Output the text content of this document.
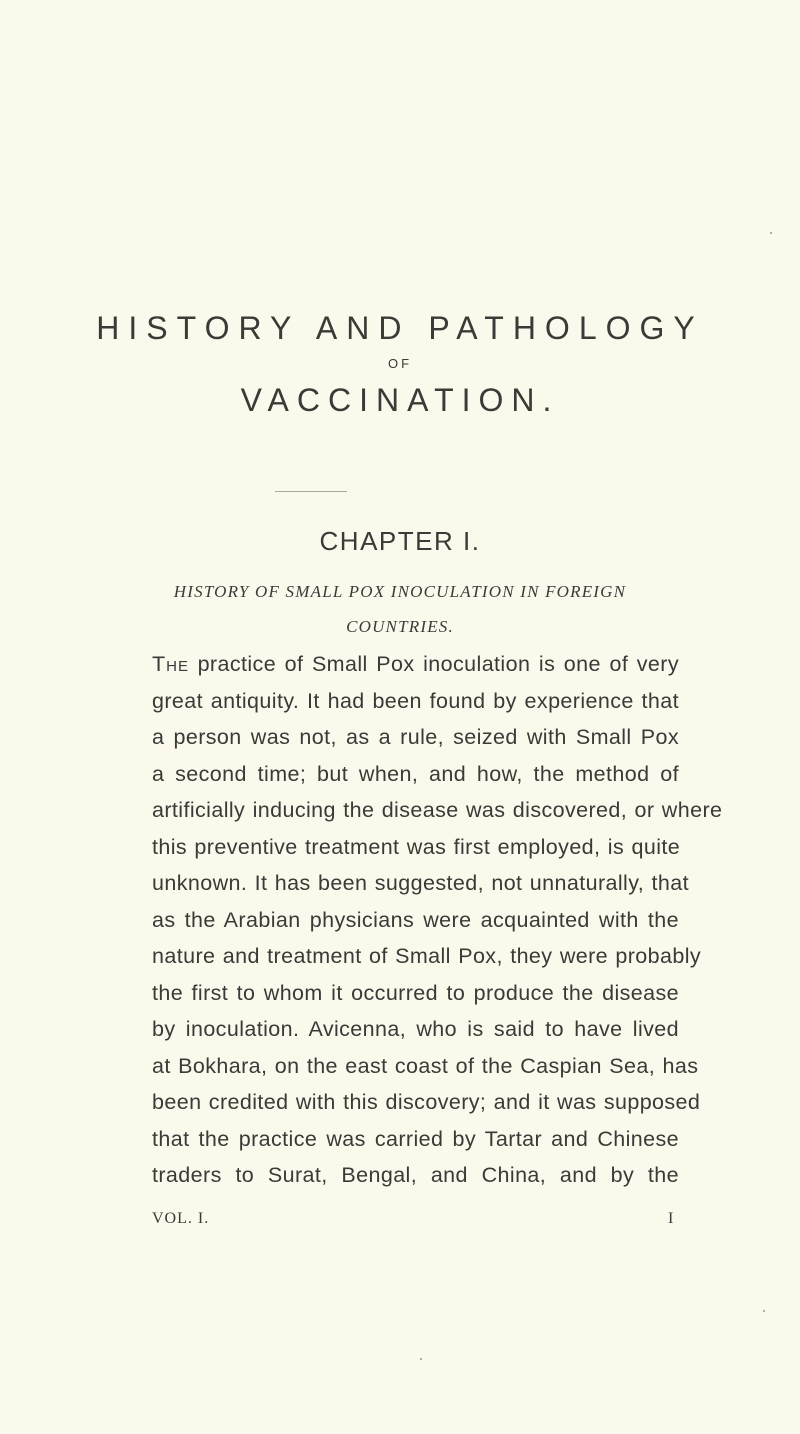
HISTORY AND PATHOLOGY
OF
VACCINATION.
CHAPTER I.
HISTORY OF SMALL POX INOCULATION IN FOREIGN
COUNTRIES.
The practice of Small Pox inoculation is one of very
great antiquity. It had been found by experience that
a person was not, as a rule, seized with Small Pox
a second time; but when, and how, the method of
artificially inducing the disease was discovered, or where
this preventive treatment was first employed, is quite
unknown. It has been suggested, not unnaturally, that
as the Arabian physicians were acquainted with the
nature and treatment of Small Pox, they were probably
the first to whom it occurred to produce the disease
by inoculation. Avicenna, who is said to have lived
at Bokhara, on the east coast of the Caspian Sea, has
been credited with this discovery; and it was supposed
that the practice was carried by Tartar and Chinese
traders to Surat, Bengal, and China, and by the
VOL. I.	I
